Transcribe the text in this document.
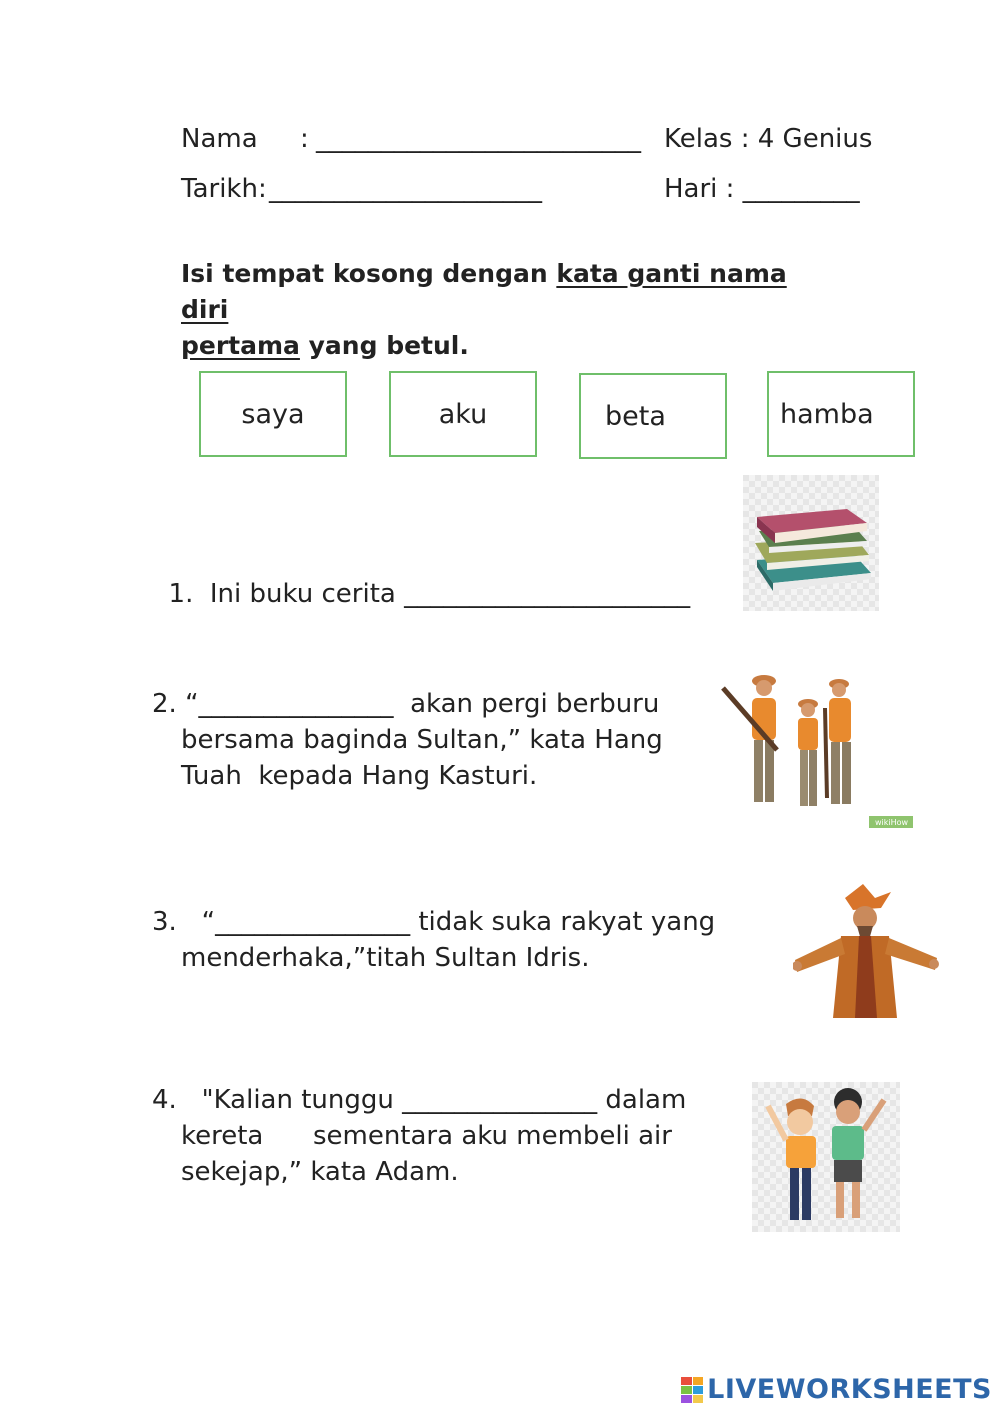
Nama : _________________________ Kelas : 4 Genius
Tarikh: _____________________	Hari : _________
Isi tempat kosong dengan kata ganti nama diri
pertama yang betul.
saya	aku	beta	hamba

1. Ini buku cerita ______________________

2. “_______________  akan pergi berburu
bersama baginda Sultan,” kata Hang
Tuah  kepada Hang Kasturi.
wikiHow
3.   “_______________ tidak suka rakyat yang
menderhaka,”titah Sultan Idris.
4.   "Kalian tunggu _______________ dalam
kereta      sementara aku membeli air
sekejap,” kata Adam.
LIVEWORKSHEETS
